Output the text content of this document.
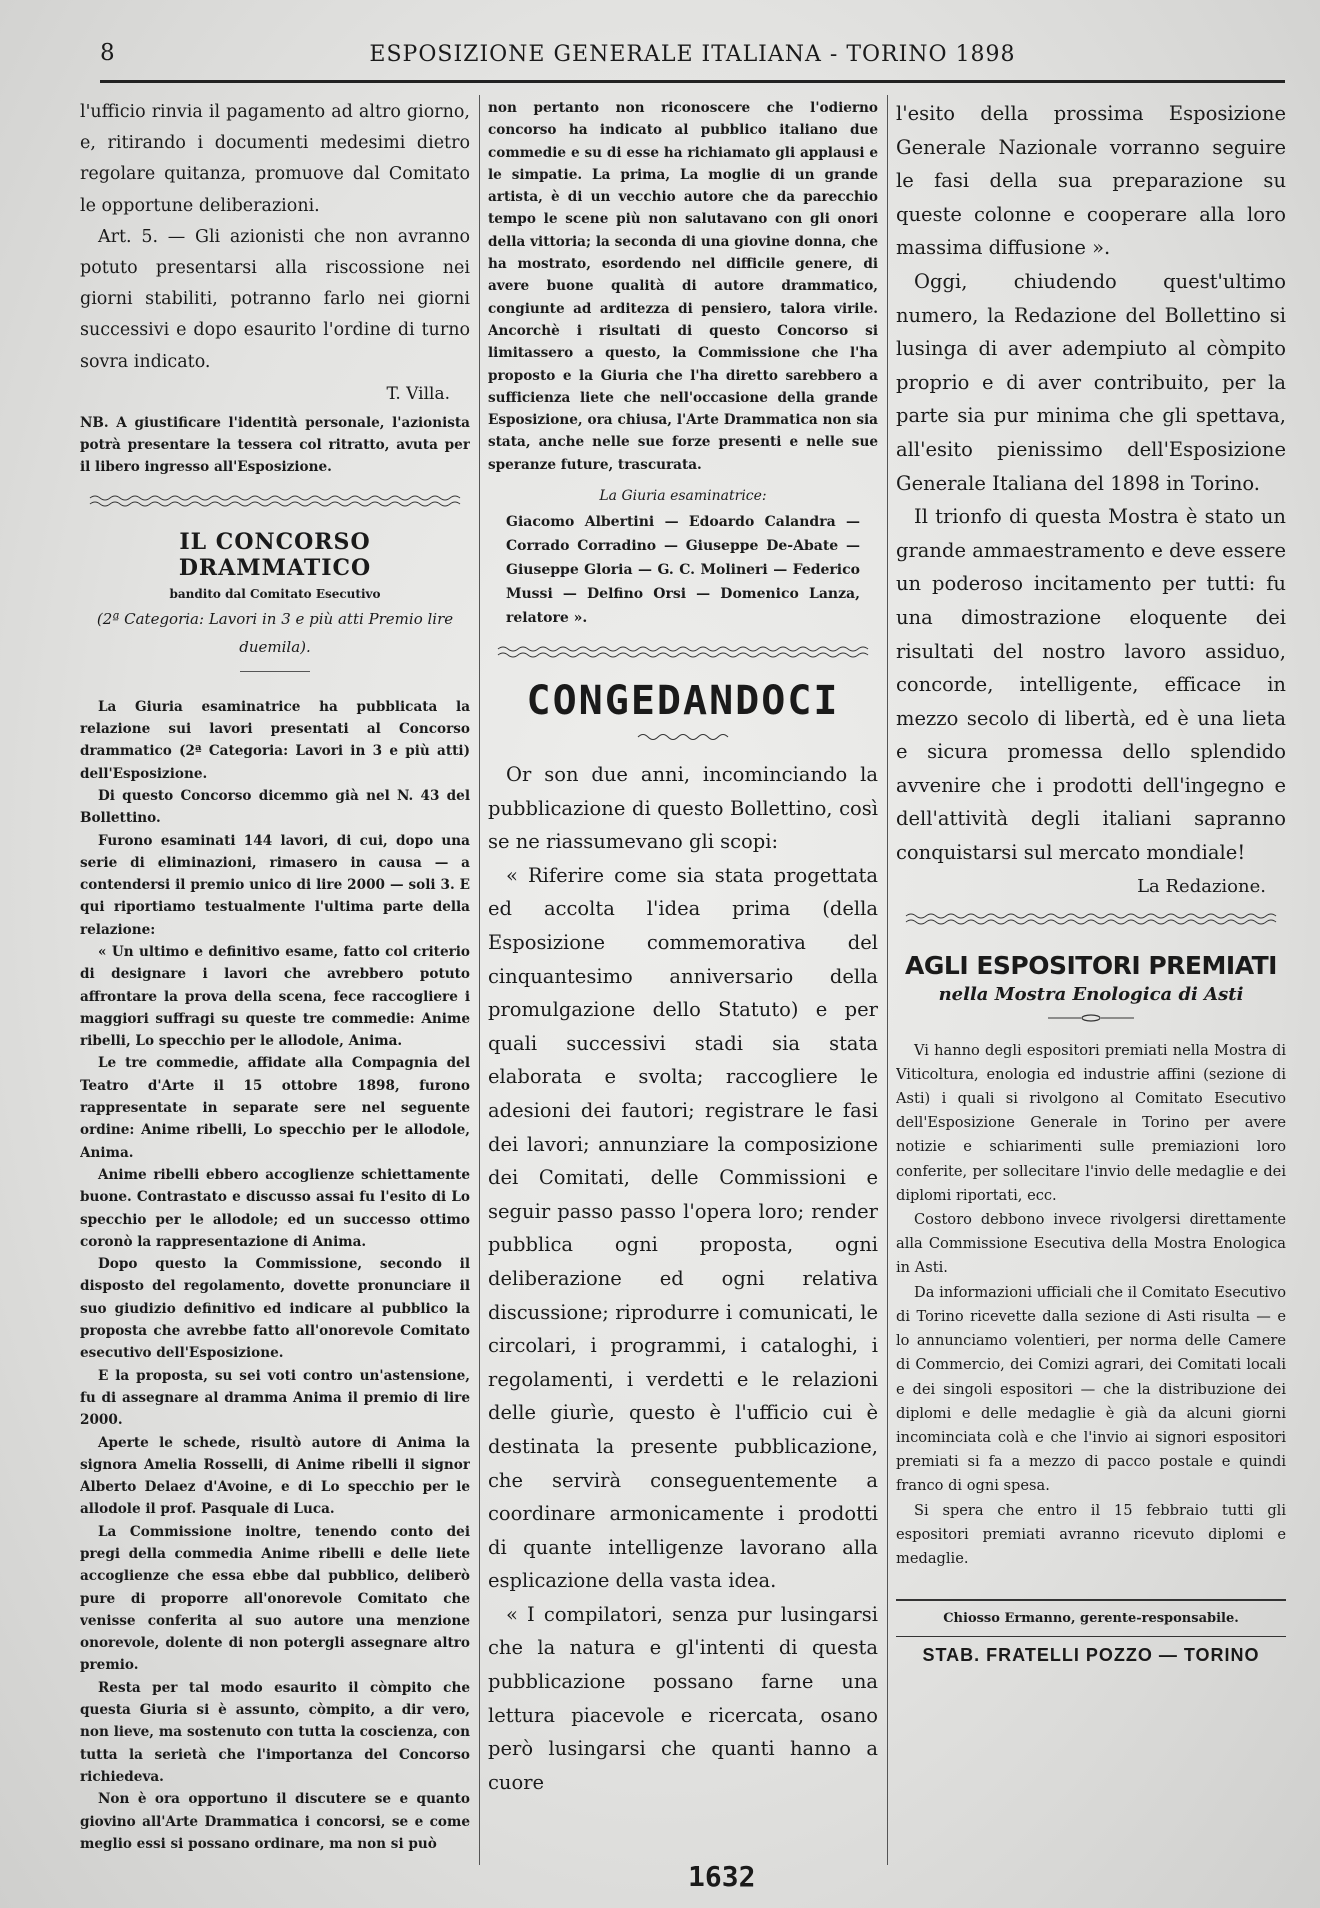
8	ESPOSIZIONE GENERALE ITALIANA - TORINO 1898

l'ufficio rinvia il pagamento ad altro giorno, e, ritirando i documenti medesimi dietro regolare quitanza, promuove dal Comitato le opportune deliberazioni.

Art. 5. — Gli azionisti che non avranno potuto presentarsi alla riscossione nei giorni stabiliti, potranno farlo nei giorni successivi e dopo esaurito l'ordine di turno sovra indicato.

T. Villa.

NB. A giustificare l'identità personale, l'azionista potrà presentare la tessera col ritratto, avuta per il libero ingresso all'Esposizione.

IL CONCORSO DRAMMATICO
bandito dal Comitato Esecutivo
(2ª Categoria: Lavori in 3 e più atti Premio lire duemila).

La Giuria esaminatrice ha pubblicata la relazione sui lavori presentati al Concorso drammatico (2ª Categoria: Lavori in 3 e più atti) dell'Esposizione.

Di questo Concorso dicemmo già nel N. 43 del Bollettino.

Furono esaminati 144 lavori, di cui, dopo una serie di eliminazioni, rimasero in causa — a contendersi il premio unico di lire 2000 — soli 3. E qui riportiamo testualmente l'ultima parte della relazione:

« Un ultimo e definitivo esame, fatto col criterio di designare i lavori che avrebbero potuto affrontare la prova della scena, fece raccogliere i maggiori suffragi su queste tre commedie: Anime ribelli, Lo specchio per le allodole, Anima.

Le tre commedie, affidate alla Compagnia del Teatro d'Arte il 15 ottobre 1898, furono rappresentate in separate sere nel seguente ordine: Anime ribelli, Lo specchio per le allodole, Anima.

Anime ribelli ebbero accoglienze schiettamente buone. Contrastato e discusso assai fu l'esito di Lo specchio per le allodole; ed un successo ottimo coronò la rappresentazione di Anima.

Dopo questo la Commissione, secondo il disposto del regolamento, dovette pronunciare il suo giudizio definitivo ed indicare al pubblico la proposta che avrebbe fatto all'onorevole Comitato esecutivo dell'Esposizione.

E la proposta, su sei voti contro un'astensione, fu di assegnare al dramma Anima il premio di lire 2000.

Aperte le schede, risultò autore di Anima la signora Amelia Rosselli, di Anime ribelli il signor Alberto Delaez d'Avoine, e di Lo specchio per le allodole il prof. Pasquale di Luca.

La Commissione inoltre, tenendo conto dei pregi della commedia Anime ribelli e delle liete accoglienze che essa ebbe dal pubblico, deliberò pure di proporre all'onorevole Comitato che venisse conferita al suo autore una menzione onorevole, dolente di non potergli assegnare altro premio.

Resta per tal modo esaurito il còmpito che questa Giuria si è assunto, còmpito, a dir vero, non lieve, ma sostenuto con tutta la coscienza, con tutta la serietà che l'importanza del Concorso richiedeva.

Non è ora opportuno il discutere se e quanto giovino all'Arte Drammatica i concorsi, se e come meglio essi si possano ordinare, ma non si può

non pertanto non riconoscere che l'odierno concorso ha indicato al pubblico italiano due commedie e su di esse ha richiamato gli applausi e le simpatie. La prima, La moglie di un grande artista, è di un vecchio autore che da parecchio tempo le scene più non salutavano con gli onori della vittoria; la seconda di una giovine donna, che ha mostrato, esordendo nel difficile genere, di avere buone qualità di autore drammatico, congiunte ad arditezza di pensiero, talora virile. Ancorchè i risultati di questo Concorso si limitassero a questo, la Commissione che l'ha proposto e la Giuria che l'ha diretto sarebbero a sufficienza liete che nell'occasione della grande Esposizione, ora chiusa, l'Arte Drammatica non sia stata, anche nelle sue forze presenti e nelle sue speranze future, trascurata.

La Giuria esaminatrice:

Giacomo Albertini — Edoardo Calandra — Corrado Corradino — Giuseppe De-Abate — Giuseppe Gloria — G. C. Molineri — Federico Mussi — Delfino Orsi — Domenico Lanza, relatore ».

CONGEDANDOCI

Or son due anni, incominciando la pubblicazione di questo Bollettino, così se ne riassumevano gli scopi:

« Riferire come sia stata progettata ed accolta l'idea prima (della Esposizione commemorativa del cinquantesimo anniversario della promulgazione dello Statuto) e per quali successivi stadi sia stata elaborata e svolta; raccogliere le adesioni dei fautori; registrare le fasi dei lavori; annunziare la composizione dei Comitati, delle Commissioni e seguir passo passo l'opera loro; render pubblica ogni proposta, ogni deliberazione ed ogni relativa discussione; riprodurre i comunicati, le circolari, i programmi, i cataloghi, i regolamenti, i verdetti e le relazioni delle giurìe, questo è l'ufficio cui è destinata la presente pubblicazione, che servirà conseguentemente a coordinare armonicamente i prodotti di quante intelligenze lavorano alla esplicazione della vasta idea.

« I compilatori, senza pur lusingarsi che la natura e gl'intenti di questa pubblicazione possano farne una lettura piacevole e ricercata, osano però lusingarsi che quanti hanno a cuore

l'esito della prossima Esposizione Generale Nazionale vorranno seguire le fasi della sua preparazione su queste colonne e cooperare alla loro massima diffusione ».

Oggi, chiudendo quest'ultimo numero, la Redazione del Bollettino si lusinga di aver adempiuto al còmpito proprio e di aver contribuito, per la parte sia pur minima che gli spettava, all'esito pienissimo dell'Esposizione Generale Italiana del 1898 in Torino.

Il trionfo di questa Mostra è stato un grande ammaestramento e deve essere un poderoso incitamento per tutti: fu una dimostrazione eloquente dei risultati del nostro lavoro assiduo, concorde, intelligente, efficace in mezzo secolo di libertà, ed è una lieta e sicura promessa dello splendido avvenire che i prodotti dell'ingegno e dell'attività degli italiani sapranno conquistarsi sul mercato mondiale!

La Redazione.

AGLI ESPOSITORI PREMIATI
nella Mostra Enologica di Asti

Vi hanno degli espositori premiati nella Mostra di Viticoltura, enologia ed industrie affini (sezione di Asti) i quali si rivolgono al Comitato Esecutivo dell'Esposizione Generale in Torino per avere notizie e schiarimenti sulle premiazioni loro conferite, per sollecitare l'invio delle medaglie e dei diplomi riportati, ecc.

Costoro debbono invece rivolgersi direttamente alla Commissione Esecutiva della Mostra Enologica in Asti.

Da informazioni ufficiali che il Comitato Esecutivo di Torino ricevette dalla sezione di Asti risulta — e lo annunciamo volentieri, per norma delle Camere di Commercio, dei Comizi agrari, dei Comitati locali e dei singoli espositori — che la distribuzione dei diplomi e delle medaglie è già da alcuni giorni incominciata colà e che l'invio ai signori espositori premiati si fa a mezzo di pacco postale e quindi franco di ogni spesa.

Si spera che entro il 15 febbraio tutti gli espositori premiati avranno ricevuto diplomi e medaglie.

Chiosso Ermanno, gerente-responsabile.
STAB. FRATELLI POZZO — TORINO
1632
